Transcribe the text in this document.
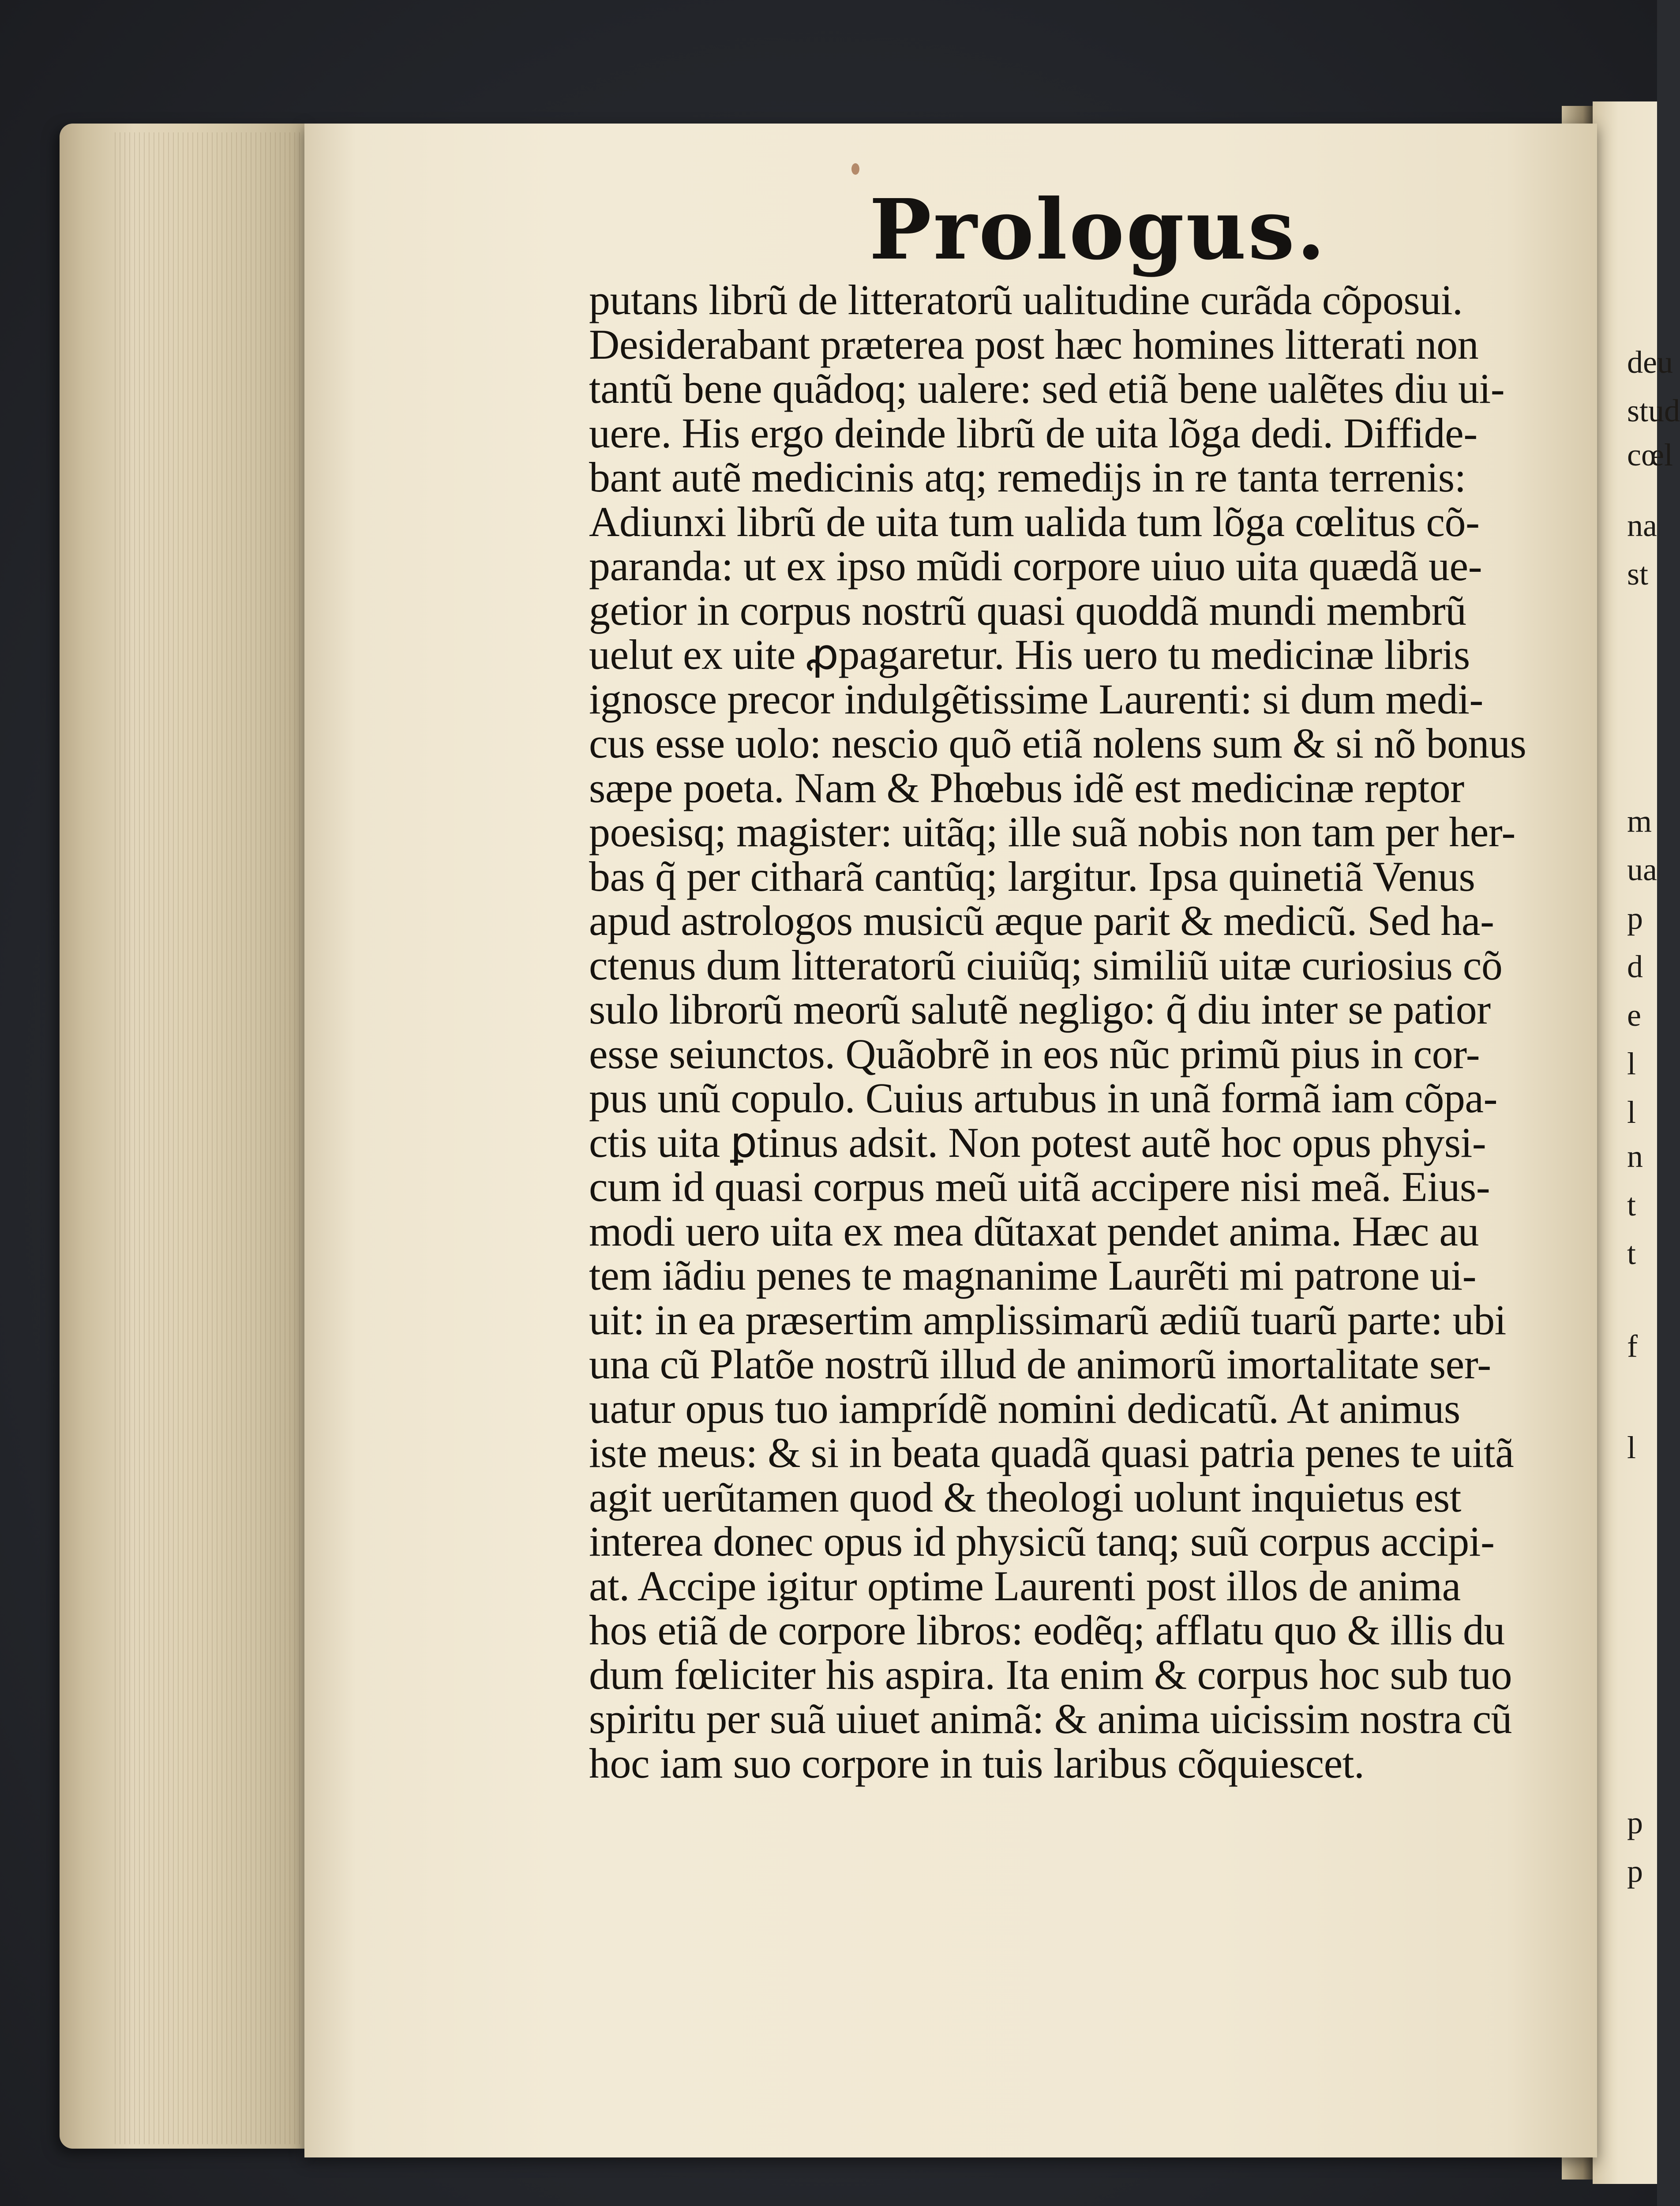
deu
stud
cœl
na
st
m
ua
p
d
e
l
l
n
t
t
f
l
p
p
Prologus.
putans librũ de litteratorũ ualitudine curãda cõposui.
Desiderabant præterea post hæc homines litterati non
tantũ bene quãdoq; ualere: sed etiã bene ualẽtes diu ui-
uere. His ergo deinde librũ de uita lõga dedi. Diffide-
bant autẽ medicinis atq; remedijs in re tanta terrenis:
Adiunxi librũ de uita tum ualida tum lõga cœlitus cõ-
paranda: ut ex ipso mũdi corpore uiuo uita quædã ue-
getior in corpus nostrũ quasi quoddã mundi membrũ
uelut ex uite ꝓpagaretur. His uero tu medicinæ libris
ignosce precor indulgẽtissime Laurenti: si dum medi-
cus esse uolo: nescio quõ etiã nolens sum & si nõ bonus
sæpe poeta. Nam & Phœbus idẽ est medicinæ reptor
poesisq; magister: uitãq; ille suã nobis non tam per her-
bas q̃ per citharã cantũq; largitur. Ipsa quinetiã Venus
apud astrologos musicũ æque parit & medicũ. Sed ha-
ctenus dum litteratorũ ciuiũq; similiũ uitæ curiosius cõ
sulo librorũ meorũ salutẽ negligo: q̃ diu inter se patior
esse seiunctos. Quãobrẽ in eos nũc primũ pius in cor-
pus unũ copulo. Cuius artubus in unã formã iam cõpa-
ctis uita ꝑtinus adsit. Non potest autẽ hoc opus physi-
cum id quasi corpus meũ uitã accipere nisi meã. Eius-
modi uero uita ex mea dũtaxat pendet anima. Hæc au
tem iãdiu penes te magnanime Laurẽti mi patrone ui-
uit: in ea præsertim amplissimarũ ædiũ tuarũ parte: ubi
una cũ Platõe nostrũ illud de animorũ imortalitate ser-
uatur opus tuo iamprídẽ nomini dedicatũ. At animus
iste meus: & si in beata quadã quasi patria penes te uitã
agit uerũtamen quod & theologi uolunt inquietus est
interea donec opus id physicũ tanq; suũ corpus accipi-
at. Accipe igitur optime Laurenti post illos de anima
hos etiã de corpore libros: eodẽq; afflatu quo & illis du
dum fœliciter his aspira. Ita enim & corpus hoc sub tuo
spiritu per suã uiuet animã: & anima uicissim nostra cũ
hoc iam suo corpore in tuis laribus cõquiescet.
